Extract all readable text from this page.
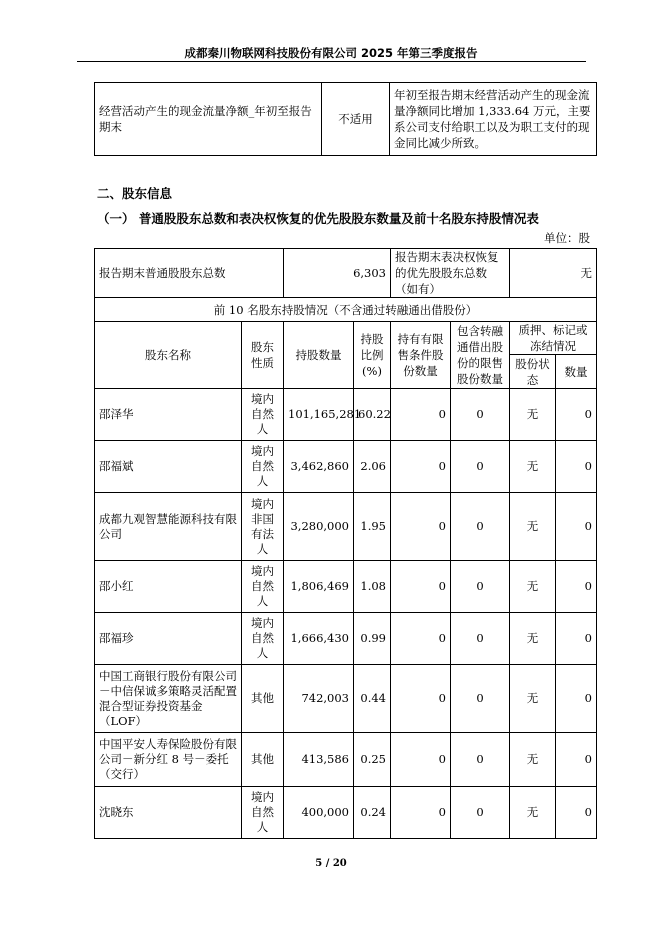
成都秦川物联网科技股份有限公司 2025 年第三季度报告
经营活动产生的现金流量净额_年初至报告期末	不适用	年初至报告期末经营活动产生的现金流量净额同比增加 1,333.64 万元，主要系公司支付给职工以及为职工支付的现金同比减少所致。
二、股东信息
（一） 普通股股东总数和表决权恢复的优先股股东数量及前十名股东持股情况表
单位：股
报告期末普通股股东总数		6,303		报告期末表决权恢复的优先股股东总数（如有）		无	
前 10 名股东持股情况（不含通过转融通出借股份）							
股东名称	股东性质	持股数量	持股比例(%)	持有有限售条件股份数量	包含转融通借出股份的限售股份数量	质押、标记或冻结情况	
						股份状态	数量
邵泽华	境内自然人	101,165,281	60.22	0	0	无	0
邵福斌	境内自然人	3,462,860	2.06	0	0	无	0
成都九观智慧能源科技有限公司	境内非国有法人	3,280,000	1.95	0	0	无	0
邵小红	境内自然人	1,806,469	1.08	0	0	无	0
邵福珍	境内自然人	1,666,430	0.99	0	0	无	0
中国工商银行股份有限公司－中信保诚多策略灵活配置混合型证券投资基金（LOF）	其他	742,003	0.44	0	0	无	0
中国平安人寿保险股份有限公司－新分红 8 号－委托（交行）	其他	413,586	0.25	0	0	无	0
沈晓东	境内自然人	400,000	0.24	0	0	无	0
5 / 20
